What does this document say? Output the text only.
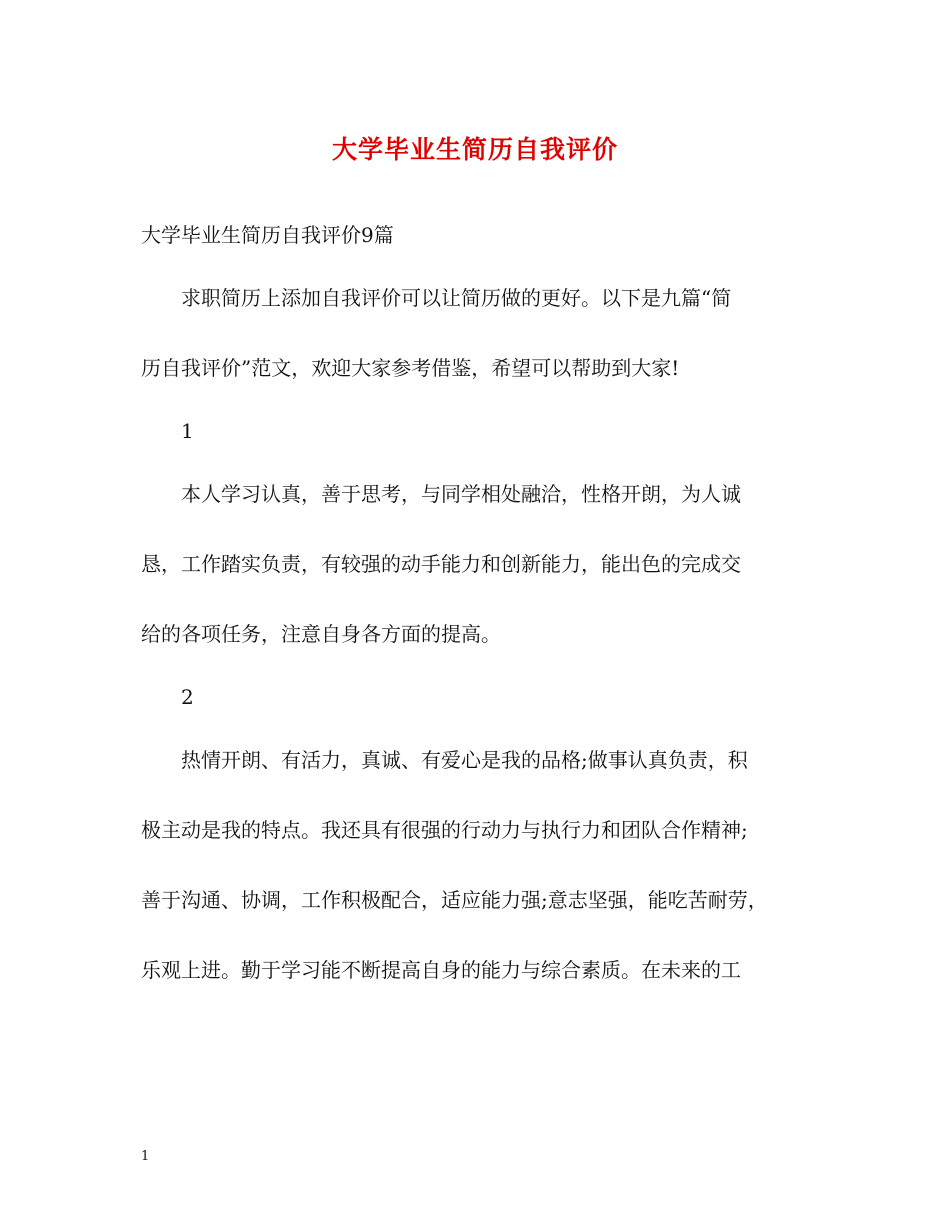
大学毕业生简历自我评价
大学毕业生简历自我评价9篇
求职简历上添加自我评价可以让简历做的更好。以下是九篇“简
历自我评价”范文，欢迎大家参考借鉴，希望可以帮助到大家!
1
本人学习认真，善于思考，与同学相处融洽，性格开朗，为人诚
恳，工作踏实负责，有较强的动手能力和创新能力，能出色的完成交
给的各项任务，注意自身各方面的提高。
2
热情开朗、有活力，真诚、有爱心是我的品格;做事认真负责，积
极主动是我的特点。我还具有很强的行动力与执行力和团队合作精神;
善于沟通、协调，工作积极配合，适应能力强;意志坚强，能吃苦耐劳，
乐观上进。勤于学习能不断提高自身的能力与综合素质。在未来的工
1
